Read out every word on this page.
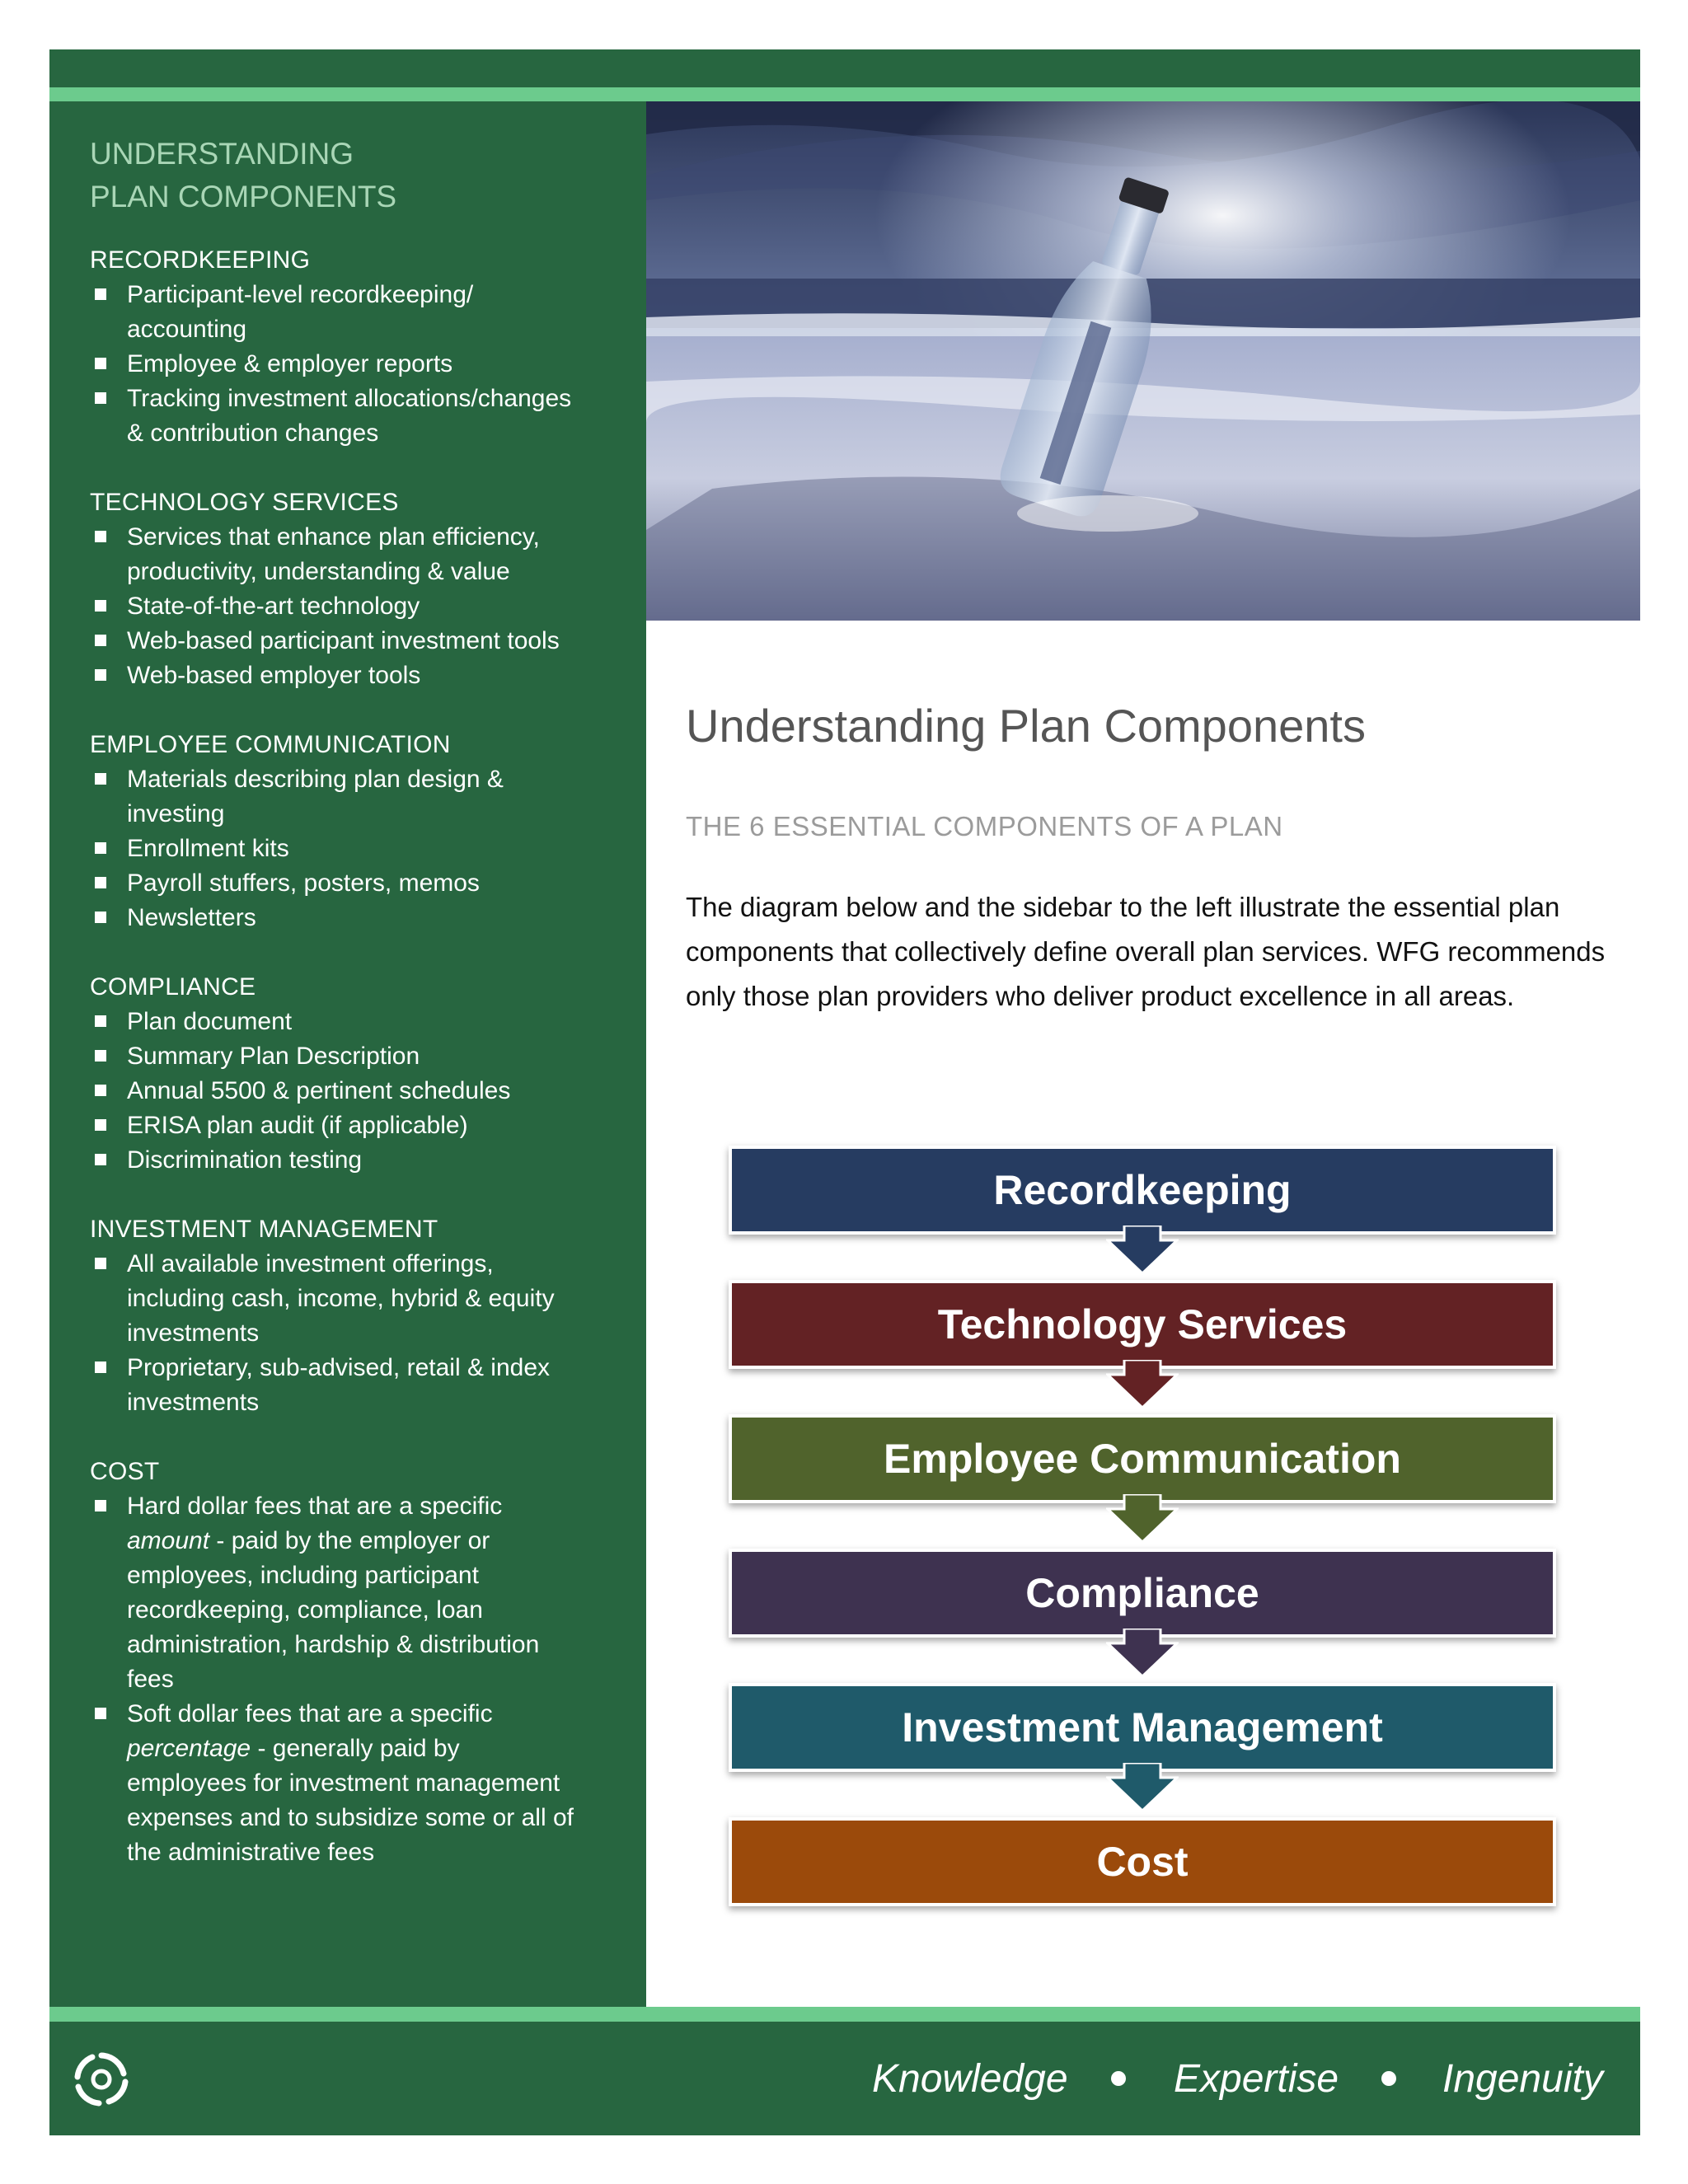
UNDERSTANDING
PLAN COMPONENTS
RECORDKEEPING
Participant-level recordkeeping/
accounting
Employee & employer reports
Tracking investment allocations/changes
& contribution changes
TECHNOLOGY SERVICES
Services that enhance plan efficiency,
productivity, understanding & value
State-of-the-art technology
Web-based participant investment tools
Web-based employer tools
EMPLOYEE COMMUNICATION
Materials describing plan design &
investing
Enrollment kits
Payroll stuffers, posters, memos
Newsletters
COMPLIANCE
Plan document
Summary Plan Description
Annual 5500 & pertinent schedules
ERISA plan audit (if applicable)
Discrimination testing
INVESTMENT MANAGEMENT
All available investment offerings,
including cash, income, hybrid & equity
investments
Proprietary, sub-advised, retail & index
investments
COST
Hard dollar fees that are a specific
amount - paid by the employer or
employees, including participant
recordkeeping, compliance, loan
administration, hardship & distribution
fees
Soft dollar fees that are a specific
percentage - generally paid by
employees for investment management
expenses and to subsidize some or all of
the administrative fees
Understanding Plan Components
THE 6 ESSENTIAL COMPONENTS OF A PLAN
The diagram below and the sidebar to the left illustrate the essential plan components that collectively define overall plan services. WFG recommends only those plan providers who deliver product excellence in all areas.
Recordkeeping
Technology Services
Employee Communication
Compliance
Investment Management
Cost
Knowledge	Expertise	Ingenuity
